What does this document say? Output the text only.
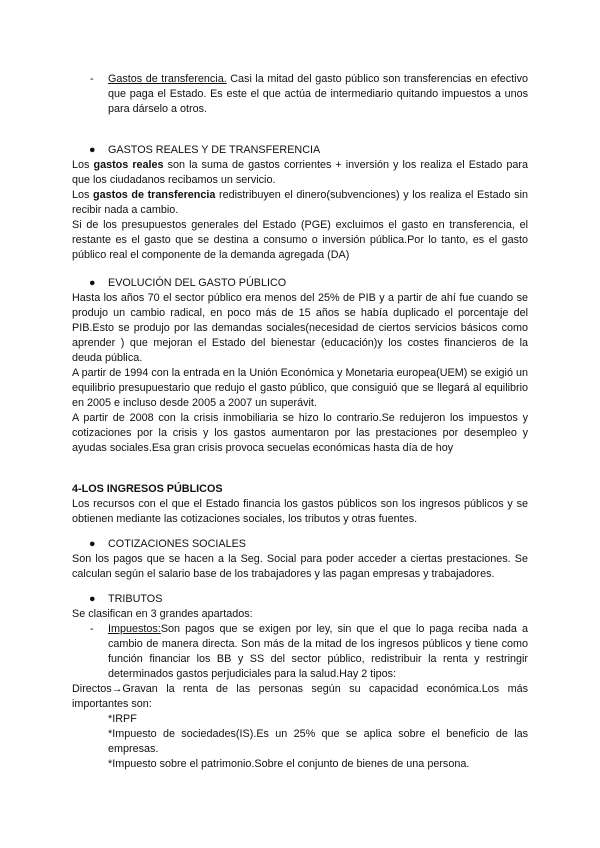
- Gastos de transferencia. Casi la mitad del gasto público son transferencias en efectivo que paga el Estado. Es este el que actúa de intermediario quitando impuestos a unos para dárselo a otros.
● GASTOS REALES Y DE TRANSFERENCIA

Los gastos reales son la suma de gastos corrientes + inversión y los realiza el Estado para que los ciudadanos recibamos un servicio.

Los gastos de transferencia redistribuyen el dinero(subvenciones) y los realiza el Estado sin recibir nada a cambio.

Si de los presupuestos generales del Estado (PGE) excluimos el gasto en transferencia, el restante es el gasto que se destina a consumo o inversión pública.Por lo tanto, es el gasto público real el componente de la demanda agregada (DA)

● EVOLUCIÓN DEL GASTO PÚBLICO

Hasta los años 70 el sector público era menos del 25% de PIB y a partir de ahí fue cuando se produjo un cambio radical, en poco más de 15 años se había duplicado el porcentaje del PIB.Esto se produjo por las demandas sociales(necesidad de ciertos servicios básicos como aprender ) que mejoran el Estado del bienestar (educación)y los costes financieros de la deuda pública.

A partir de 1994 con la entrada en la Unión Económica y Monetaria europea(UEM) se exigió un equilibrio presupuestario que redujo el gasto público, que consiguió que se llegará al equilibrio en 2005 e incluso desde 2005 a 2007 un superávit.

A partir de 2008 con la crisis inmobiliaria se hizo lo contrario.Se redujeron los impuestos y cotizaciones por la crisis y los gastos aumentaron por las prestaciones por desempleo y ayudas sociales.Esa gran crisis provoca secuelas económicas hasta día de hoy

4-LOS INGRESOS PÚBLICOS

Los recursos con el que el Estado financia los gastos públicos son los ingresos públicos y se obtienen mediante las cotizaciones sociales, los tributos y otras fuentes.

● COTIZACIONES SOCIALES

Son los pagos que se hacen a la Seg. Social para poder acceder a ciertas prestaciones. Se calculan según el salario base de los trabajadores y las pagan empresas y trabajadores.

● TRIBUTOS

Se clasifican en 3 grandes apartados:

- Impuestos:Son pagos que se exigen por ley, sin que el que lo paga reciba nada a cambio de manera directa. Son más de la mitad de los ingresos públicos y tiene como función financiar los BB y SS del sector público, redistribuir la renta y restringir determinados gastos perjudiciales para la salud.Hay 2 tipos:

Directos→Gravan la renta de las personas según su capacidad económica.Los más importantes son:

*IRPF

*Impuesto de sociedades(IS).Es un 25% que se aplica sobre el beneficio de las empresas.

*Impuesto sobre el patrimonio.Sobre el conjunto de bienes de una persona.
